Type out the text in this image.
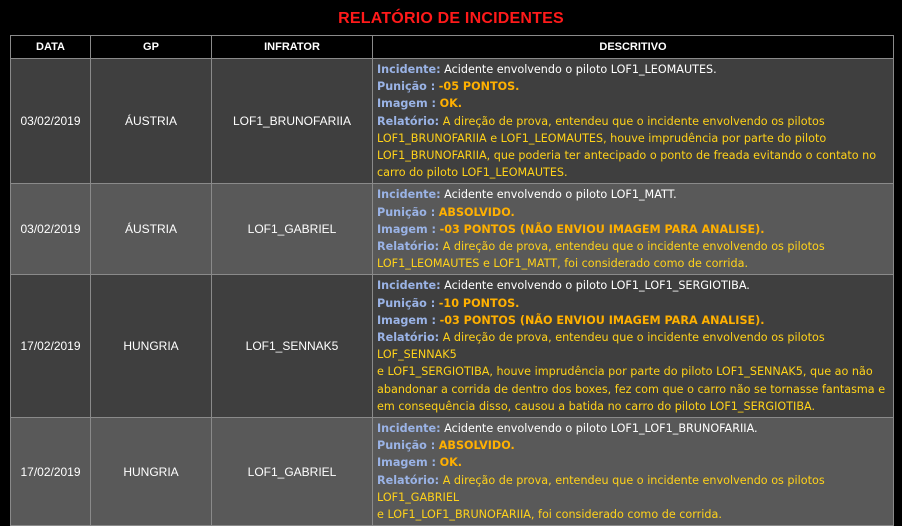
RELATÓRIO DE INCIDENTES
DATA	GP	INFRATOR	DESCRITIVO
03/02/2019	ÁUSTRIA	LOF1_BRUNOFARIIA	Incidente: Acidente envolvendo o piloto LOF1_LEOMAUTES.
Punição : -05 PONTOS.
Imagem : OK.
Relatório: A direção de prova, entendeu que o incidente envolvendo os pilotos
LOF1_BRUNOFARIIA e LOF1_LEOMAUTES, houve imprudência por parte do piloto LOF1_BRUNOFARIIA, que poderia ter antecipado o ponto de freada evitando o contato no carro do piloto LOF1_LEOMAUTES.

03/02/2019	ÁUSTRIA	LOF1_GABRIEL	Incidente: Acidente envolvendo o piloto LOF1_MATT.
Punição : ABSOLVIDO.
Imagem : -03 PONTOS (NÃO ENVIOU IMAGEM PARA ANALISE).
Relatório: A direção de prova, entendeu que o incidente envolvendo os pilotos
LOF1_LEOMAUTES e LOF1_MATT, foi considerado como de corrida.

17/02/2019	HUNGRIA	LOF1_SENNAK5	Incidente: Acidente envolvendo o piloto LOF1_LOF1_SERGIOTIBA.
Punição : -10 PONTOS.
Imagem : -03 PONTOS (NÃO ENVIOU IMAGEM PARA ANALISE).
Relatório: A direção de prova, entendeu que o incidente envolvendo os pilotos LOF_SENNAK5
e LOF1_SERGIOTIBA, houve imprudência por parte do piloto LOF1_SENNAK5, que ao não abandonar a corrida de dentro dos boxes, fez com que o carro não se tornasse fantasma e em consequência disso, causou a batida no carro do piloto LOF1_SERGIOTIBA.

17/02/2019	HUNGRIA	LOF1_GABRIEL	Incidente: Acidente envolvendo o piloto LOF1_LOF1_BRUNOFARIIA.
Punição : ABSOLVIDO.
Imagem : OK.
Relatório: A direção de prova, entendeu que o incidente envolvendo os pilotos LOF1_GABRIEL
e LOF1_LOF1_BRUNOFARIIA, foi considerado como de corrida.
